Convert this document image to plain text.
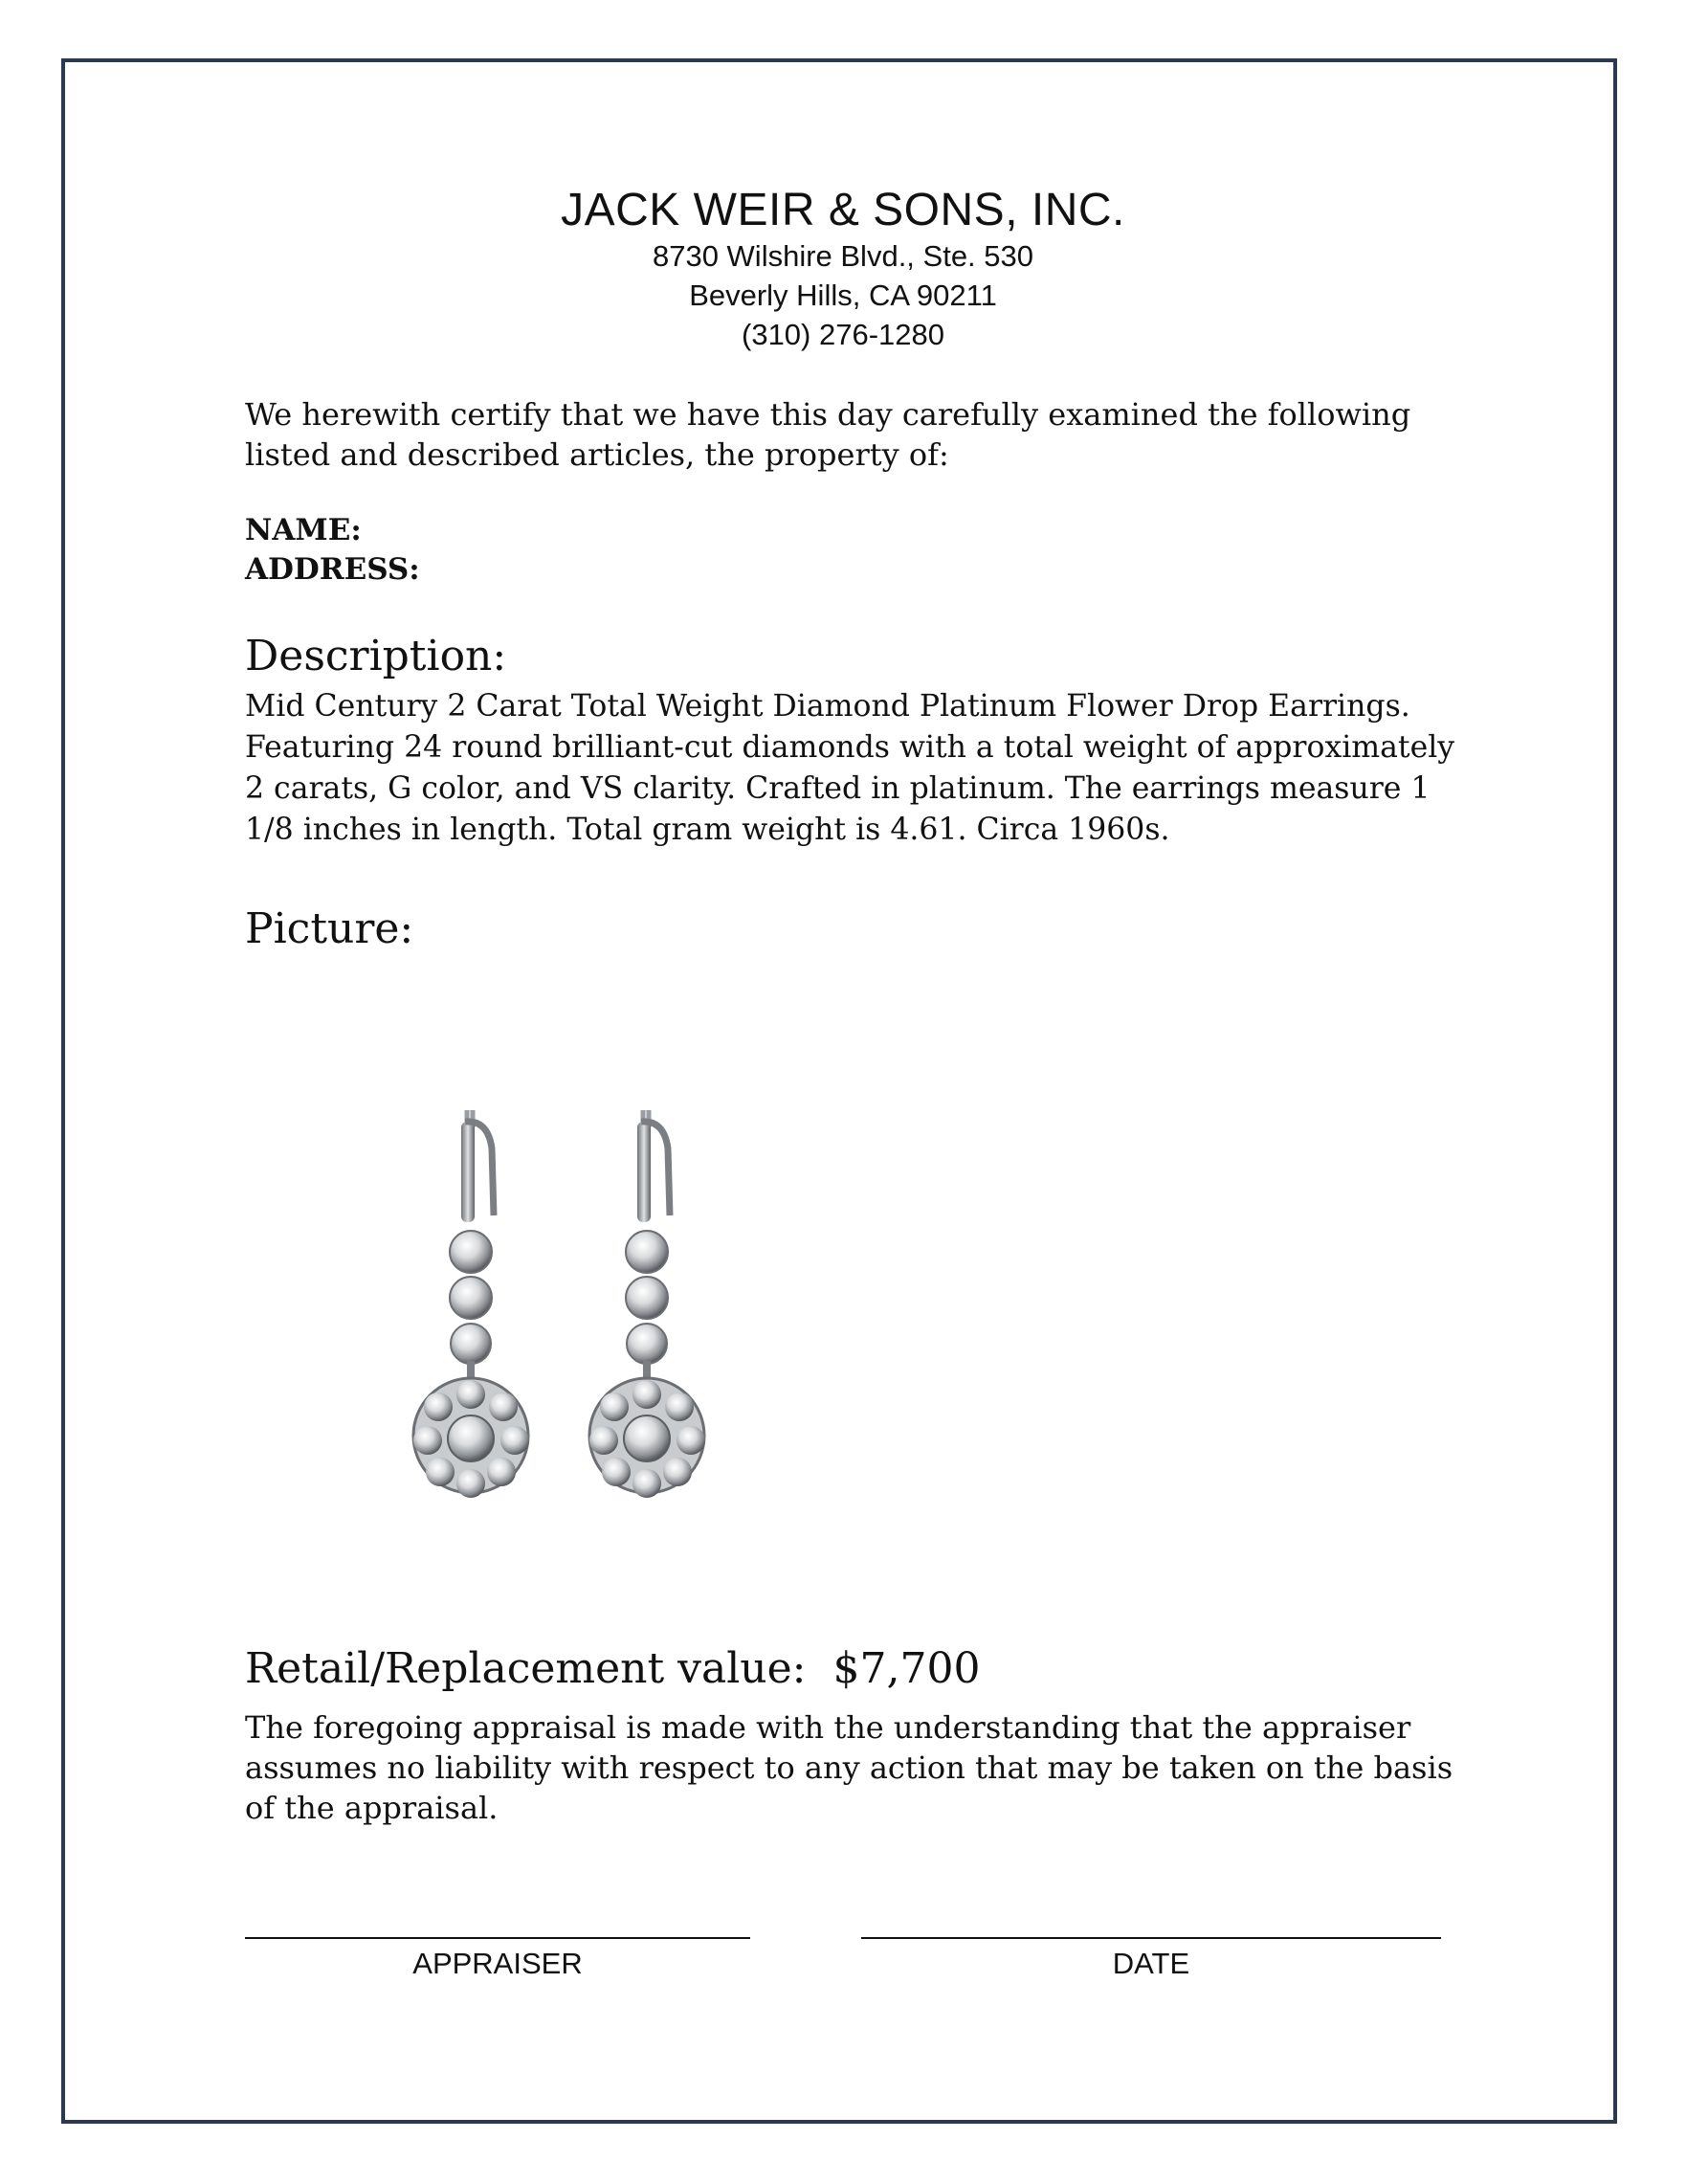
JACK WEIR & SONS, INC.
8730 Wilshire Blvd., Ste. 530
Beverly Hills, CA 90211
(310) 276-1280
We herewith certify that we have this day carefully examined the following listed and described articles, the property of:
NAME:
ADDRESS:
Description:
Mid Century 2 Carat Total Weight Diamond Platinum Flower Drop Earrings. Featuring 24 round brilliant-cut diamonds with a total weight of approximately 2 carats, G color, and VS clarity. Crafted in platinum. The earrings measure 1 1/8 inches in length. Total gram weight is 4.61. Circa 1960s.
Picture:
Retail/Replacement value:  $7,700
The foregoing appraisal is made with the understanding that the appraiser assumes no liability with respect to any action that may be taken on the basis of the appraisal.
APPRAISER	DATE
